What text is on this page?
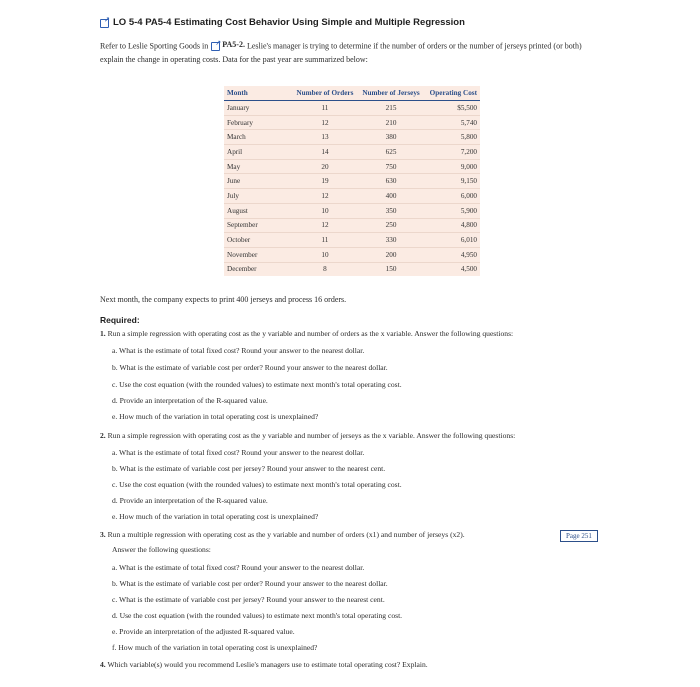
↗ LO 5-4 PA5-4 Estimating Cost Behavior Using Simple and Multiple Regression
Refer to Leslie Sporting Goods in ↗ PA5-2. Leslie's manager is trying to determine if the number of orders or the number of jerseys printed (or both) explain the change in operating costs. Data for the past year are summarized below:
Month	Number of Orders	Number of Jerseys	Operating Cost
January	11	215	$5,500
February	12	210	5,740
March	13	380	5,800
April	14	625	7,200
May	20	750	9,000
June	19	630	9,150
July	12	400	6,000
August	10	350	5,900
September	12	250	4,800
October	11	330	6,010
November	10	200	4,950
December	8	150	4,500
Next month, the company expects to print 400 jerseys and process 16 orders.
Required:
1. Run a simple regression with operating cost as the y variable and number of orders as the x variable. Answer the following questions:
a. What is the estimate of total fixed cost? Round your answer to the nearest dollar.
b. What is the estimate of variable cost per order? Round your answer to the nearest dollar.
c. Use the cost equation (with the rounded values) to estimate next month's total operating cost.
d. Provide an interpretation of the R-squared value.
e. How much of the variation in total operating cost is unexplained?
2. Run a simple regression with operating cost as the y variable and number of jerseys as the x variable. Answer the following questions:
a. What is the estimate of total fixed cost? Round your answer to the nearest dollar.
b. What is the estimate of variable cost per jersey? Round your answer to the nearest cent.
c. Use the cost equation (with the rounded values) to estimate next month's total operating cost.
d. Provide an interpretation of the R-squared value.
e. How much of the variation in total operating cost is unexplained?
3. Run a multiple regression with operating cost as the y variable and number of orders (x1) and number of jerseys (x2).
Answer the following questions:
a. What is the estimate of total fixed cost? Round your answer to the nearest dollar.
b. What is the estimate of variable cost per order? Round your answer to the nearest dollar.
c. What is the estimate of variable cost per jersey? Round your answer to the nearest cent.
d. Use the cost equation (with the rounded values) to estimate next month's total operating cost.
e. Provide an interpretation of the adjusted R-squared value.
f. How much of the variation in total operating cost is unexplained?
4. Which variable(s) would you recommend Leslie's managers use to estimate total operating cost? Explain.
Page 251
